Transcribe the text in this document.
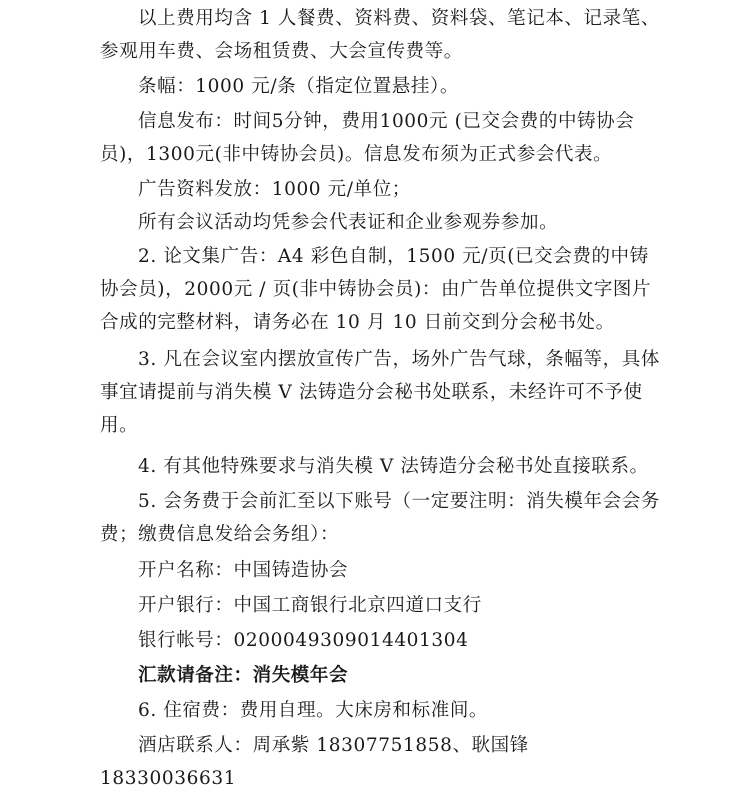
以上费用均含 1 人餐费、资料费、资料袋、笔记本、记录笔、参观用车费、会场租赁费、大会宣传费等。
条幅：1000 元/条（指定位置悬挂）。
信息发布：时间5分钟，费用1000元 (已交会费的中铸协会员)，1300元(非中铸协会员)。信息发布须为正式参会代表。
广告资料发放：1000 元/单位；
所有会议活动均凭参会代表证和企业参观券参加。
2. 论文集广告：A4 彩色自制，1500 元/页(已交会费的中铸协会员)，2000元 / 页(非中铸协会员)：由广告单位提供文字图片合成的完整材料，请务必在 10 月 10 日前交到分会秘书处。
3. 凡在会议室内摆放宣传广告，场外广告气球，条幅等，具体事宜请提前与消失模 V 法铸造分会秘书处联系，未经许可不予使用。
4. 有其他特殊要求与消失模 V 法铸造分会秘书处直接联系。
5. 会务费于会前汇至以下账号（一定要注明：消失模年会会务费；缴费信息发给会务组）：
开户名称：中国铸造协会
开户银行：中国工商银行北京四道口支行
银行帐号：0200049309014401304
汇款请备注：消失模年会
6. 住宿费：费用自理。大床房和标准间。
酒店联系人：周承紫 18307751858、耿国锋 18330036631
